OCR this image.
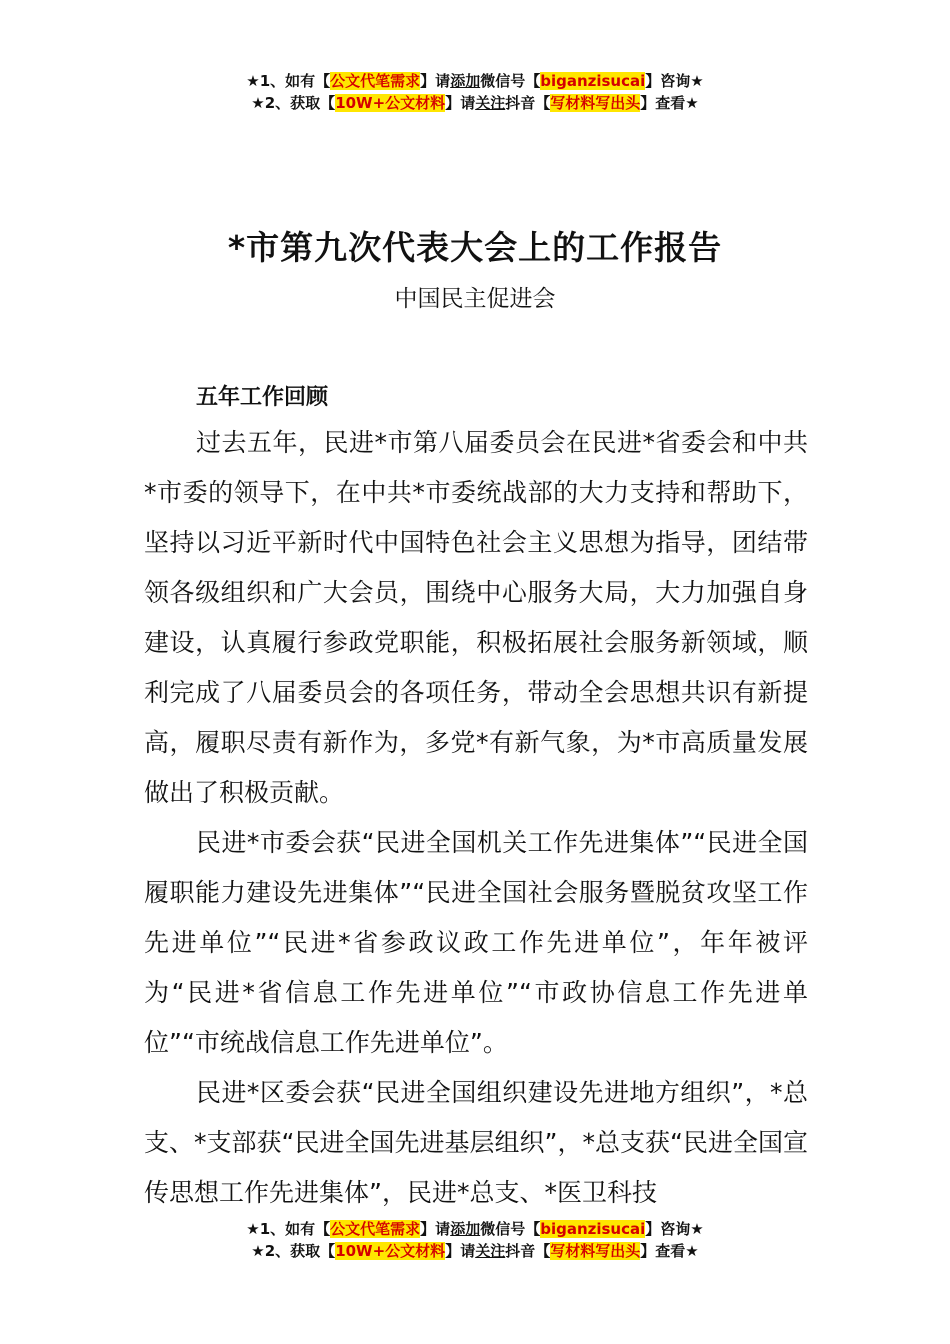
★1、如有【公文代笔需求】请添加微信号【biganzisucai】咨询★
★2、获取【10W+公文材料】请关注抖音【写材料写出头】查看★
*市第九次代表大会上的工作报告
中国民主促进会
五年工作回顾

过去五年，民进*市第八届委员会在民进*省委会和中共*市委的领导下，在中共*市委统战部的大力支持和帮助下，坚持以习近平新时代中国特色社会主义思想为指导，团结带领各级组织和广大会员，围绕中心服务大局，大力加强自身建设，认真履行参政党职能，积极拓展社会服务新领域，顺利完成了八届委员会的各项任务，带动全会思想共识有新提高，履职尽责有新作为，多党*有新气象，为*市高质量发展做出了积极贡献。

民进*市委会获“民进全国机关工作先进集体”“民进全国履职能力建设先进集体”“民进全国社会服务暨脱贫攻坚工作先进单位”“民进*省参政议政工作先进单位”，年年被评为“民进*省信息工作先进单位”“市政协信息工作先进单位”“市统战信息工作先进单位”。

民进*区委会获“民进全国组织建设先进地方组织”，*总支、*支部获“民进全国先进基层组织”，*总支获“民进全国宣传思想工作先进集体”，民进*总支、*医卫科技

★1、如有【公文代笔需求】请添加微信号【biganzisucai】咨询★
★2、获取【10W+公文材料】请关注抖音【写材料写出头】查看★
